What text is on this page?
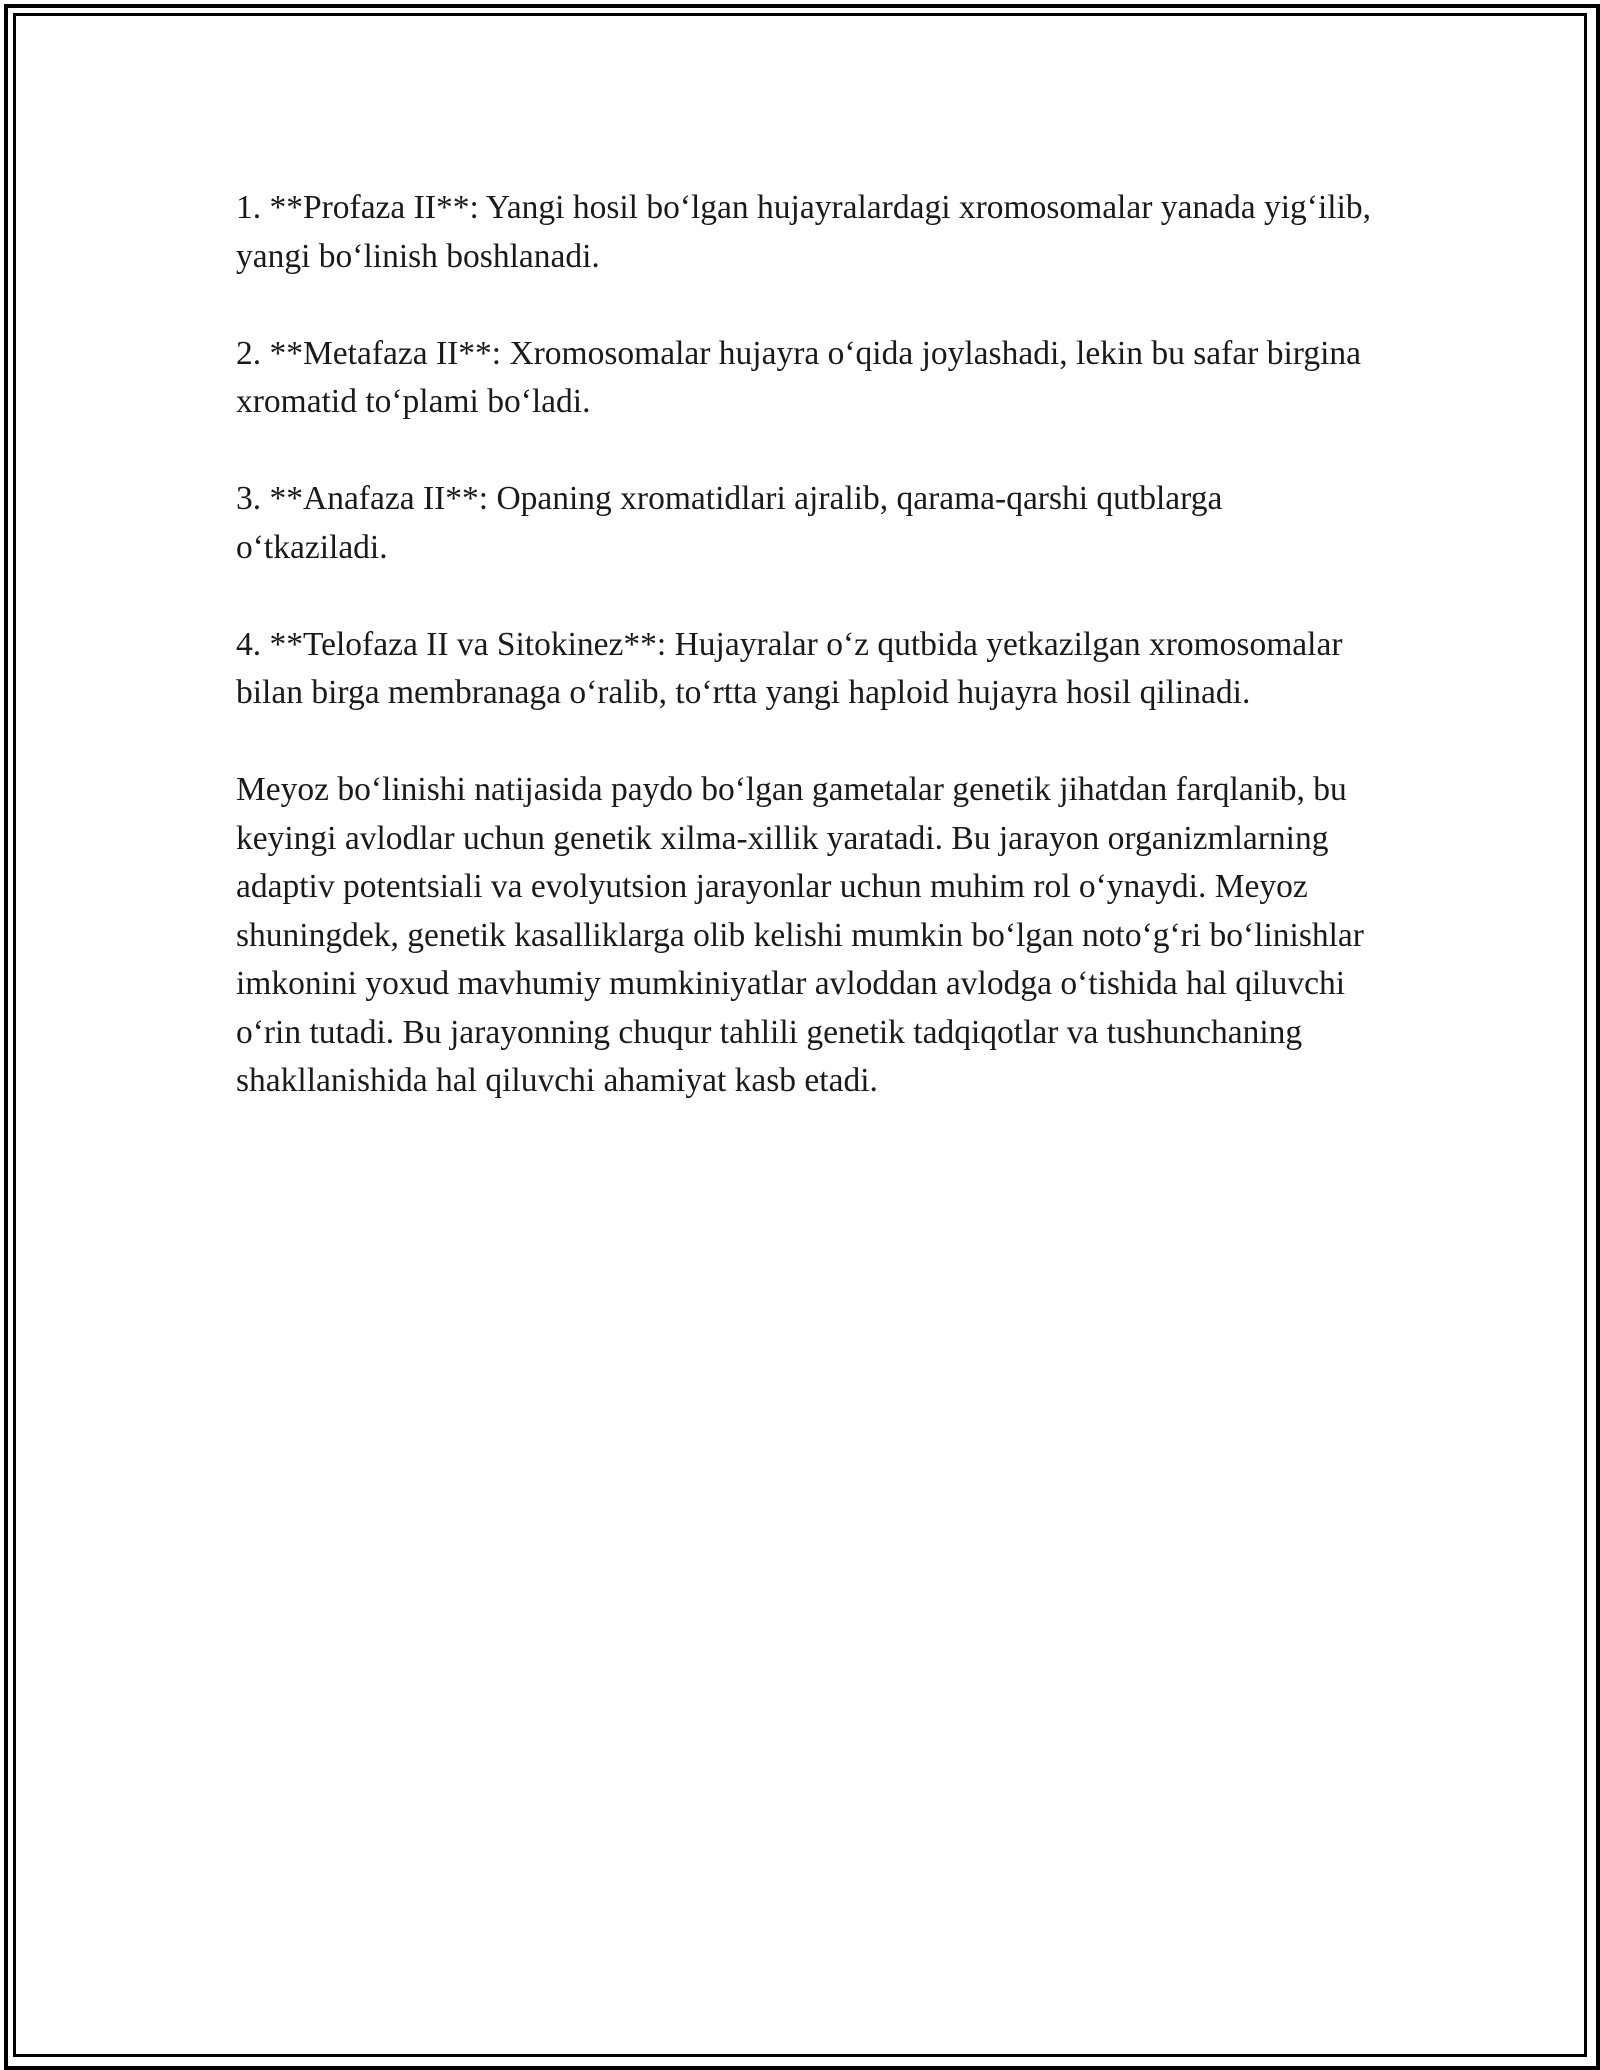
1. **Profaza II**: Yangi hosil bo‘lgan hujayralardagi xromosomalar yanada yig‘ilib, yangi bo‘linish boshlanadi.

2. **Metafaza II**: Xromosomalar hujayra o‘qida joylashadi, lekin bu safar birgina xromatid to‘plami bo‘ladi.

3. **Anafaza II**: Opaning xromatidlari ajralib, qarama-qarshi qutblarga o‘tkaziladi.

4. **Telofaza II va Sitokinez**: Hujayralar o‘z qutbida yetkazilgan xromosomalar bilan birga membranaga o‘ralib, to‘rtta yangi haploid hujayra hosil qilinadi.

Meyoz bo‘linishi natijasida paydo bo‘lgan gametalar genetik jihatdan farqlanib, bu keyingi avlodlar uchun genetik xilma-xillik yaratadi. Bu jarayon organizmlarning adaptiv potentsiali va evolyutsion jarayonlar uchun muhim rol o‘ynaydi. Meyoz shuningdek, genetik kasalliklarga olib kelishi mumkin bo‘lgan noto‘g‘ri bo‘linishlar imkonini yoxud mavhumiy mumkiniyatlar avloddan avlodga o‘tishida hal qiluvchi o‘rin tutadi. Bu jarayonning chuqur tahlili genetik tadqiqotlar va tushunchaning shakllanishida hal qiluvchi ahamiyat kasb etadi.
